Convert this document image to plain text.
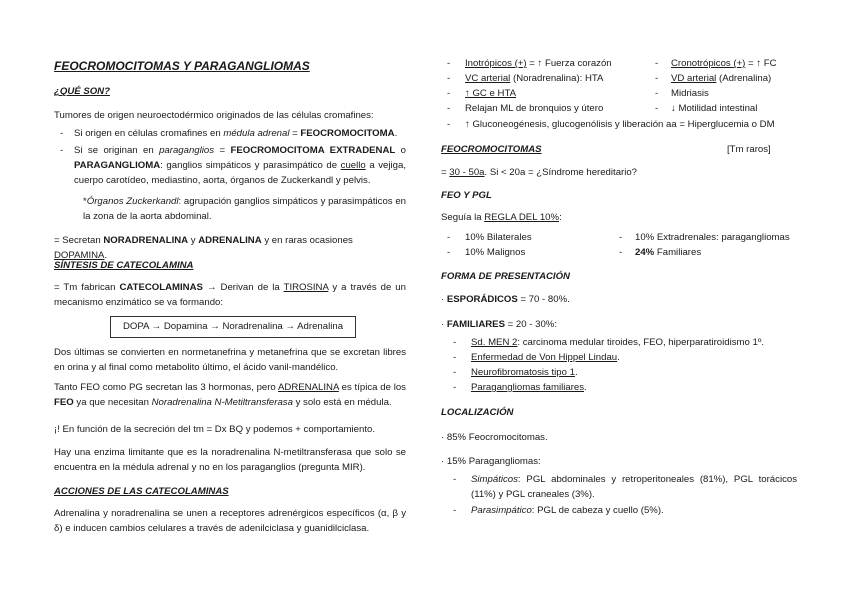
FEOCROMOCITOMAS Y PARAGANGLIOMAS
¿QUÉ SON?
Tumores de origen neuroectodérmico originados de las células cromafines:
-	Si origen en células cromafines en médula adrenal = FEOCROMOCITOMA.
-	Si se originan en paraganglios = FEOCROMOCITOMA EXTRADENAL o PARAGANGLIOMA: ganglios simpáticos y parasimpático de cuello a vejiga, cuerpo carotídeo, mediastino, aorta, órganos de Zuckerkandl y pelvis.
*Órganos Zuckerkandl: agrupación ganglios simpáticos y parasimpáticos en la zona de la aorta abdominal.
= Secretan NORADRENALINA y ADRENALINA y en raras ocasiones DOPAMINA.
SÍNTESIS DE CATECOLAMINA
= Tm fabrican CATECOLAMINAS → Derivan de la TIROSINA y a través de un mecanismo enzimático se va formando:
DOPA → Dopamina → Noradrenalina → Adrenalina
Dos últimas se convierten en normetanefrina y metanefrina que se excretan libres en orina y al final como metabolito último, el ácido vanil-mandélico.
Tanto FEO como PG secretan las 3 hormonas, pero ADRENALINA es típica de los FEO ya que necesitan Noradrenalina N-Metiltransferasa y solo está en médula.
¡! En función de la secreción del tm = Dx BQ y podemos + comportamiento.
Hay una enzima limitante que es la noradrenalina N-metiltransferasa que solo se encuentra en la médula adrenal y no en los paraganglios (pregunta MIR).
ACCIONES DE LAS CATECOLAMINAS
Adrenalina y noradrenalina se unen a receptores adrenérgicos específicos (α, β y δ) e inducen cambios celulares a través de adenilciclasa y guanidilciclasa.
- Inotrópicos (+) = ↑ Fuerza corazón	- Cronotrópicos (+) = ↑ FC
- VC arterial (Noradrenalina): HTA	- VD arterial (Adrenalina)
- ↑ GC e HTA	- Midriasis
- Relajan ML de bronquios y útero	- ↓ Motilidad intestinal
- ↑ Gluconeogénesis, glucogenólisis y liberación aa = Hiperglucemia o DM
FEOCROMOCITOMAS	[Tm raros]
= 30 - 50a. Si < 20a = ¿Síndrome hereditario?
FEO Y PGL
Seguía la REGLA DEL 10%:
- 10% Bilaterales	- 10% Extradrenales: paragangliomas
- 10% Malignos	- 24% Familiares
FORMA DE PRESENTACIÓN
· ESPORÁDICOS = 70 - 80%.
· FAMILIARES = 20 - 30%:
- Sd. MEN 2: carcinoma medular tiroides, FEO, hiperparatiroidismo 1º.
- Enfermedad de Von Hippel Lindau.
- Neurofibromatosis tipo 1.
- Paragangliomas familiares.
LOCALIZACIÓN
· 85% Feocromocitomas.
· 15% Paragangliomas:
- Simpáticos: PGL abdominales y retroperitoneales (81%), PGL torácicos (11%) y PGL craneales (3%).
- Parasimpático: PGL de cabeza y cuello (5%).
